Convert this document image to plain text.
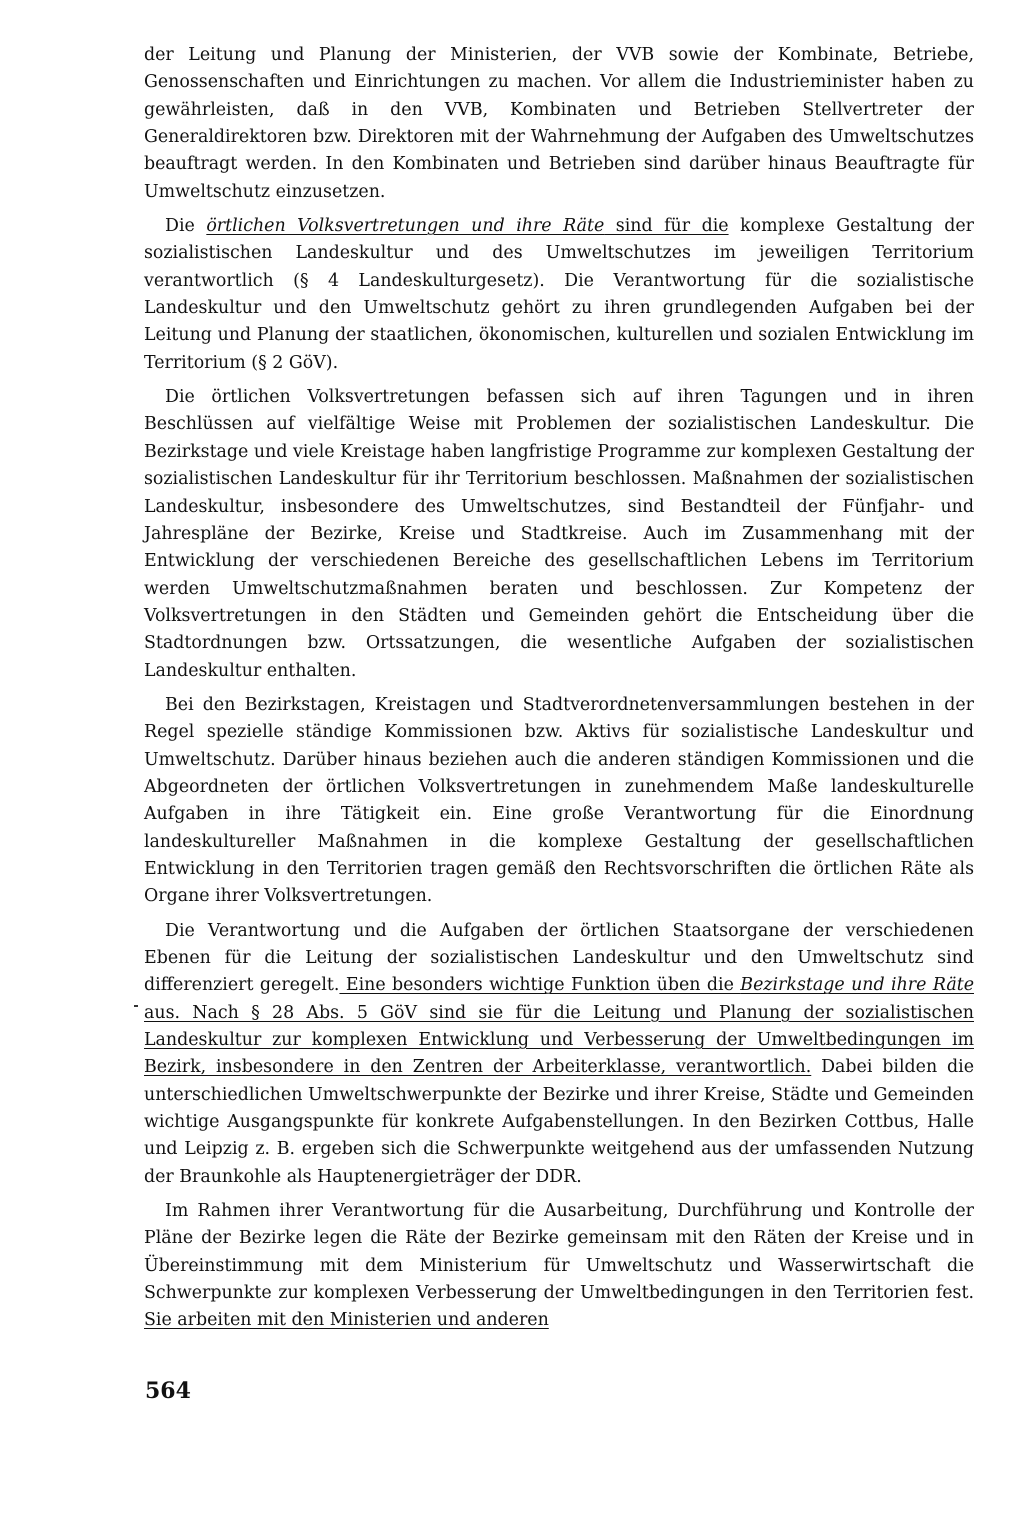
der Leitung und Planung der Ministerien, der VVB sowie der Kombinate, Betriebe, Genossenschaften und Einrichtungen zu machen. Vor allem die Industrieminister haben zu gewährleisten, daß in den VVB, Kombinaten und Betrieben Stellvertreter der Generaldirektoren bzw. Direktoren mit der Wahrnehmung der Aufgaben des Umweltschutzes beauftragt werden. In den Kombinaten und Betrieben sind darüber hinaus Beauftragte für Umweltschutz einzusetzen.

Die örtlichen Volksvertretungen und ihre Räte sind für die komplexe Gestaltung der sozialistischen Landeskultur und des Umweltschutzes im jeweiligen Territorium verantwortlich (§ 4 Landeskulturgesetz). Die Verantwortung für die sozialistische Landeskultur und den Umweltschutz gehört zu ihren grundlegenden Aufgaben bei der Leitung und Planung der staatlichen, ökonomischen, kulturellen und sozialen Entwicklung im Territorium (§ 2 GöV).

Die örtlichen Volksvertretungen befassen sich auf ihren Tagungen und in ihren Beschlüssen auf vielfältige Weise mit Problemen der sozialistischen Landeskultur. Die Bezirkstage und viele Kreistage haben langfristige Programme zur komplexen Gestaltung der sozialistischen Landeskultur für ihr Territorium beschlossen. Maßnahmen der sozialistischen Landeskultur, insbesondere des Umweltschutzes, sind Bestandteil der Fünfjahr- und Jahrespläne der Bezirke, Kreise und Stadtkreise. Auch im Zusammenhang mit der Entwicklung der verschiedenen Bereiche des gesellschaftlichen Lebens im Territorium werden Umweltschutzmaßnahmen beraten und beschlossen. Zur Kompetenz der Volksvertretungen in den Städten und Gemeinden gehört die Entscheidung über die Stadtordnungen bzw. Ortssatzungen, die wesentliche Aufgaben der sozialistischen Landeskultur enthalten.

Bei den Bezirkstagen, Kreistagen und Stadtverordnetenversammlungen bestehen in der Regel spezielle ständige Kommissionen bzw. Aktivs für sozialistische Landeskultur und Umweltschutz. Darüber hinaus beziehen auch die anderen ständigen Kommissionen und die Abgeordneten der örtlichen Volksvertretungen in zunehmendem Maße landeskulturelle Aufgaben in ihre Tätigkeit ein. Eine große Verantwortung für die Einordnung landeskultureller Maßnahmen in die komplexe Gestaltung der gesellschaftlichen Entwicklung in den Territorien tragen gemäß den Rechtsvorschriften die örtlichen Räte als Organe ihrer Volksvertretungen.

Die Verantwortung und die Aufgaben der örtlichen Staatsorgane der verschiedenen Ebenen für die Leitung der sozialistischen Landeskultur und den Umweltschutz sind differenziert geregelt. Eine besonders wichtige Funktion üben die Bezirkstage und ihre Räte aus. Nach § 28 Abs. 5 GöV sind sie für die Leitung und Planung der sozialistischen Landeskultur zur komplexen Entwicklung und Verbesserung der Umweltbedingungen im Bezirk, insbesondere in den Zentren der Arbeiterklasse, verantwortlich. Dabei bilden die unterschiedlichen Umweltschwerpunkte der Bezirke und ihrer Kreise, Städte und Gemeinden wichtige Ausgangspunkte für konkrete Aufgabenstellungen. In den Bezirken Cottbus, Halle und Leipzig z. B. ergeben sich die Schwerpunkte weitgehend aus der umfassenden Nutzung der Braunkohle als Hauptenergieträger der DDR.

Im Rahmen ihrer Verantwortung für die Ausarbeitung, Durchführung und Kontrolle der Pläne der Bezirke legen die Räte der Bezirke gemeinsam mit den Räten der Kreise und in Übereinstimmung mit dem Ministerium für Umweltschutz und Wasserwirtschaft die Schwerpunkte zur komplexen Verbesserung der Umweltbedingungen in den Territorien fest. Sie arbeiten mit den Ministerien und anderen

564
